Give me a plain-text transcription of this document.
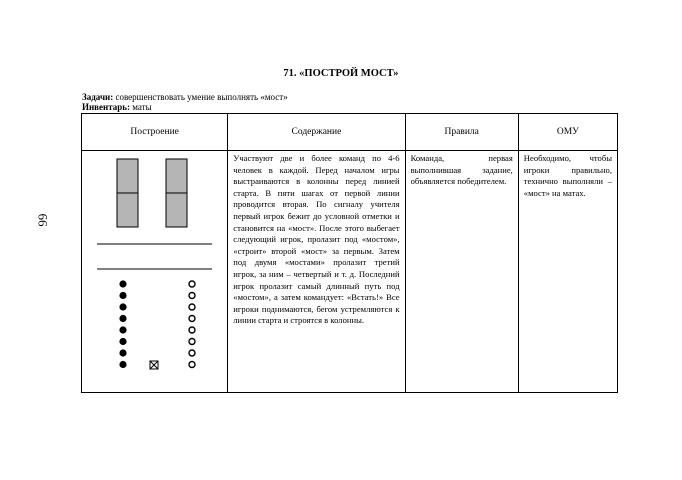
66
71. «ПОСТРОЙ МОСТ»
Задачи: совершенствовать умение выполнять «мост»
Инвентарь: маты
Построение	Содержание	Правила	ОМУ

Участвуют две и более команд по 4-6 человек в каждой. Перед началом игры выстраиваются в колонны перед линией старта. В пяти шагах от первой линии проводится вторая. По сигналу учителя первый игрок бежит до условной отметки и становится на «мост». После этого выбегает следующий игрок, пролазит под «мостом», «строит» второй «мост» за первым. Затем под двумя «мостами» пролазит третий игрок, за ним – четвертый и т. д. Последний игрок пролазит самый длинный путь под «мостом», а затем командует: «Встать!» Все игроки поднимаются, бегом устремляются к линии старта и строятся в колонны.	Команда, первая выполнившая задание, объявляется победителем.	Необходимо, чтобы игроки правильно, технично выполняли – «мост» на матах.
